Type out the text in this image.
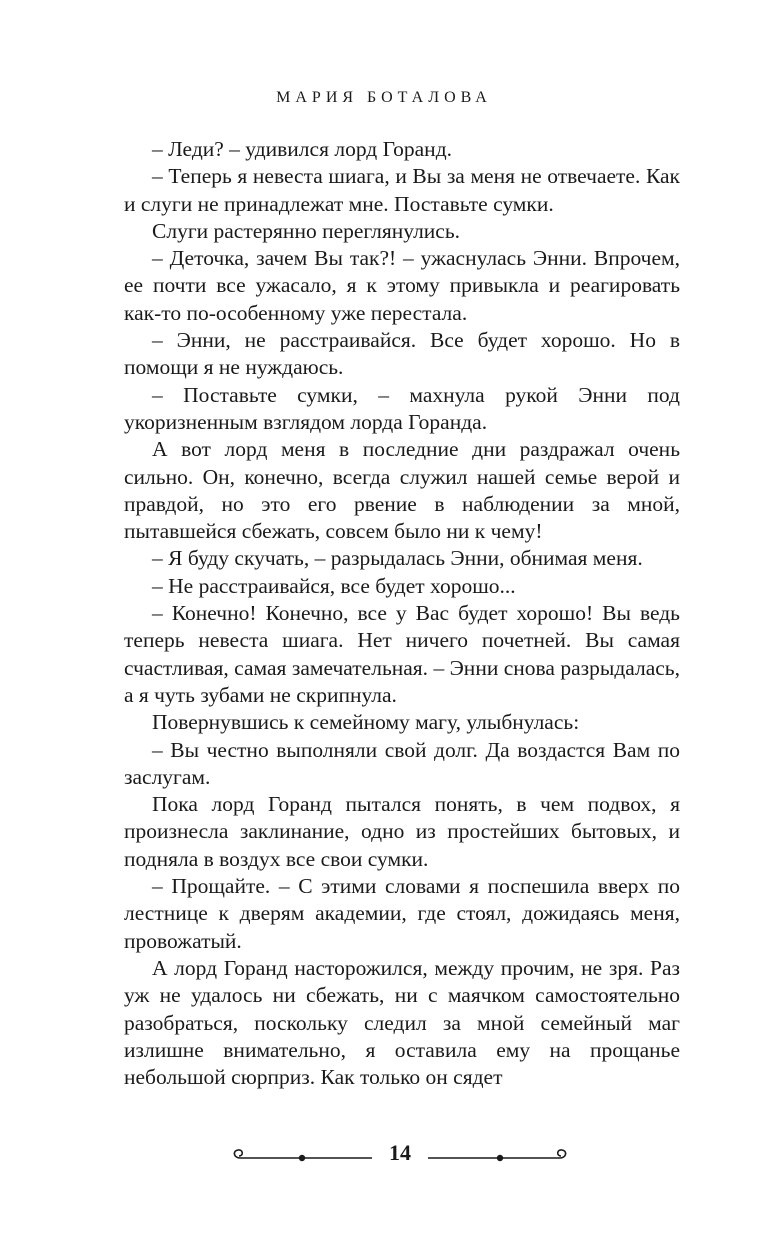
МАРИЯ БОТАЛОВА

– Леди? – удивился лорд Горанд.

– Теперь я невеста шиага, и Вы за меня не отвечаете. Как и слуги не принадлежат мне. Поставьте сумки.

Слуги растерянно переглянулись.

– Деточка, зачем Вы так?! – ужаснулась Энни. Впрочем, ее почти все ужасало, я к этому привыкла и реагировать как-то по-особенному уже перестала.

– Энни, не расстраивайся. Все будет хорошо. Но в помощи я не нуждаюсь.

– Поставьте сумки, – махнула рукой Энни под укоризненным взглядом лорда Горанда.

А вот лорд меня в последние дни раздражал очень сильно. Он, конечно, всегда служил нашей семье верой и правдой, но это его рвение в наблюдении за мной, пытавшейся сбежать, совсем было ни к чему!

– Я буду скучать, – разрыдалась Энни, обнимая меня.

– Не расстраивайся, все будет хорошо...

– Конечно! Конечно, все у Вас будет хорошо! Вы ведь теперь невеста шиага. Нет ничего почетней. Вы самая счастливая, самая замечательная. – Энни снова разрыдалась, а я чуть зубами не скрипнула.

Повернувшись к семейному магу, улыбнулась:

– Вы честно выполняли свой долг. Да воздастся Вам по заслугам.

Пока лорд Горанд пытался понять, в чем подвох, я произнесла заклинание, одно из простейших бытовых, и подняла в воздух все свои сумки.

– Прощайте. – С этими словами я поспешила вверх по лестнице к дверям академии, где стоял, дожидаясь меня, провожатый.

А лорд Горанд насторожился, между прочим, не зря. Раз уж не удалось ни сбежать, ни с маячком самостоятельно разобраться, поскольку следил за мной семейный маг излишне внимательно, я оставила ему на прощанье небольшой сюрприз. Как только он сядет

14
